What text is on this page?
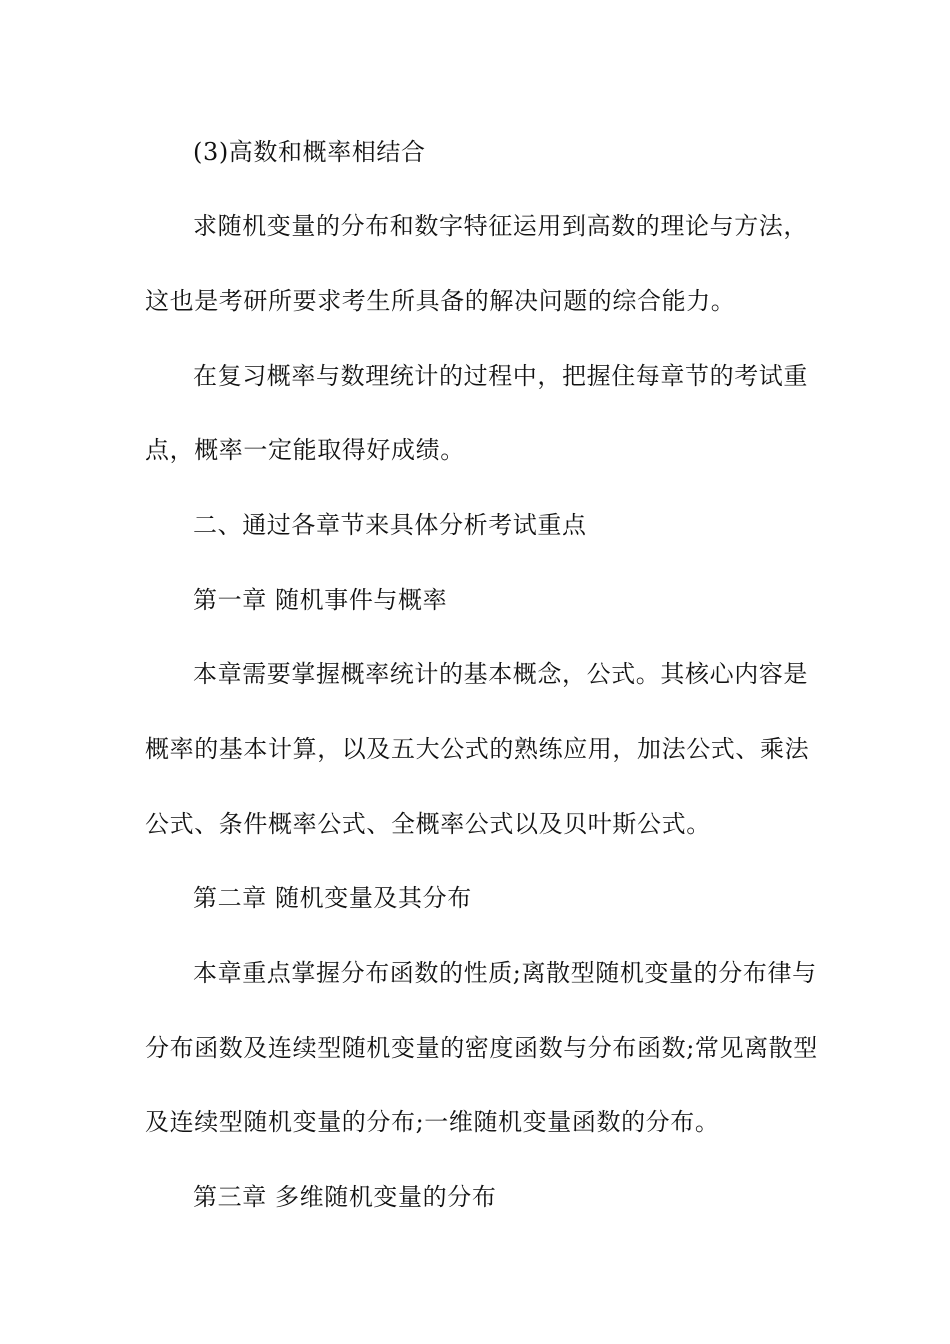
(3)高数和概率相结合
求随机变量的分布和数字特征运用到高数的理论与方法，
这也是考研所要求考生所具备的解决问题的综合能力。
在复习概率与数理统计的过程中，把握住每章节的考试重
点，概率一定能取得好成绩。
二、通过各章节来具体分析考试重点
第一章 随机事件与概率
本章需要掌握概率统计的基本概念，公式。其核心内容是
概率的基本计算，以及五大公式的熟练应用，加法公式、乘法
公式、条件概率公式、全概率公式以及贝叶斯公式。
第二章 随机变量及其分布
本章重点掌握分布函数的性质;离散型随机变量的分布律与
分布函数及连续型随机变量的密度函数与分布函数;常见离散型
及连续型随机变量的分布;一维随机变量函数的分布。
第三章 多维随机变量的分布
